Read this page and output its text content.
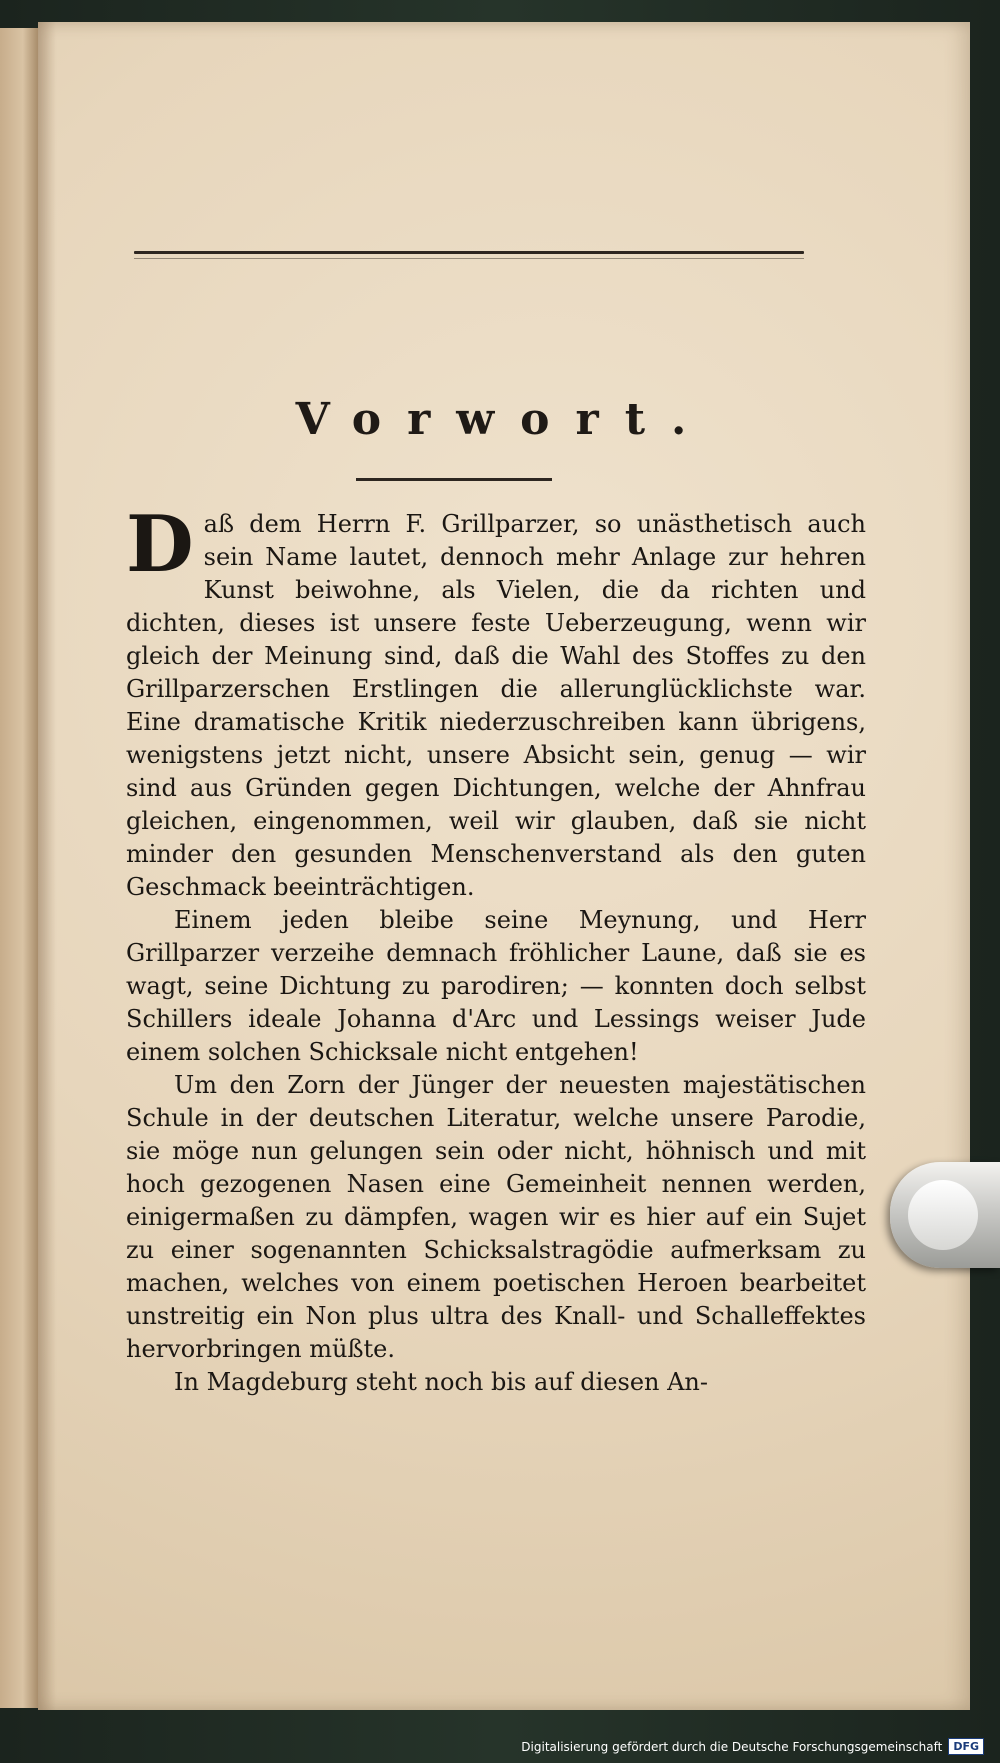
Vorwort.

Daß dem Herrn F. Grillparzer, so unästhetisch auch sein Name lautet, dennoch mehr Anlage zur hehren Kunst beiwohne, als Vielen, die da richten und dichten, dieses ist unsere feste Ueberzeugung, wenn wir gleich der Meinung sind, daß die Wahl des Stoffes zu den Grillparzerschen Erstlingen die allerunglücklichste war. Eine dramatische Kritik niederzuschreiben kann übrigens, wenigstens jetzt nicht, unsere Absicht sein, genug — wir sind aus Gründen gegen Dichtungen, welche der Ahnfrau gleichen, eingenommen, weil wir glauben, daß sie nicht minder den gesunden Menschenverstand als den guten Geschmack beeinträchtigen.

Einem jeden bleibe seine Meynung, und Herr Grillparzer verzeihe demnach fröhlicher Laune, daß sie es wagt, seine Dichtung zu parodiren; — konnten doch selbst Schillers ideale Johanna d'Arc und Lessings weiser Jude einem solchen Schicksale nicht entgehen!

Um den Zorn der Jünger der neuesten majestätischen Schule in der deutschen Literatur, welche unsere Parodie, sie möge nun gelungen sein oder nicht, höhnisch und mit hoch gezogenen Nasen eine Gemeinheit nennen werden, einigermaßen zu dämpfen, wagen wir es hier auf ein Sujet zu einer sogenannten Schicksalstragödie aufmerksam zu machen, welches von einem poetischen Heroen bearbeitet unstreitig ein Non plus ultra des Knall- und Schalleffektes hervorbringen müßte.

In Magdeburg steht noch bis auf diesen An-

Digitalisierung gefördert durch die Deutsche Forschungsgemeinschaft	DFG
